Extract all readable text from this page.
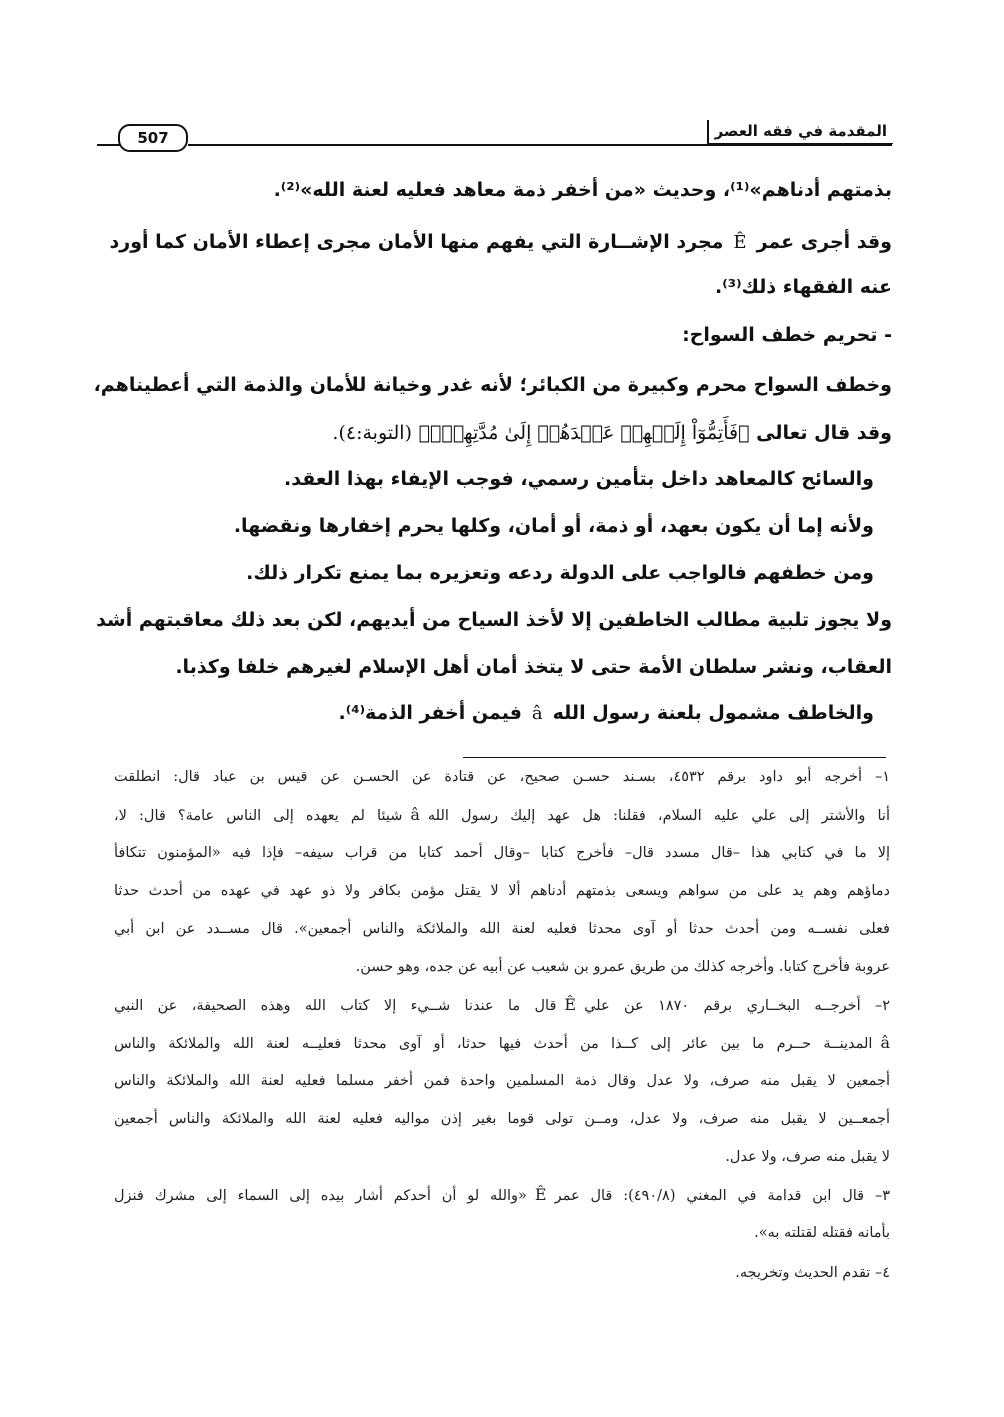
المقدمة في فقه العصر
507
بذمتهم أدناهم»⁽¹⁾، وحديث «من أخفر ذمة معاهد فعليه لعنة الله»⁽²⁾.
وقد أجرى عمرÊمجرد الإشــارة التي يفهم منها الأمان مجرى إعطاء الأمان كما أورد
عنه الفقهاء ذلك⁽³⁾.
- تحريم خطف السواح:
وخطف السواح محرم وكبيرة من الكبائر؛ لأنه غدر وخيانة للأمان والذمة التي أعطيناهم،
وقد قال تعالى ﴿فَأَتِمُّوٓاْ إِلَيۡهِمۡ عَهۡدَهُمۡ إِلَىٰ مُدَّتِهِمۡۚ﴾ (التوبة:٤).
والسائح كالمعاهد داخل بتأمين رسمي، فوجب الإيفاء بهذا العقد.
ولأنه إما أن يكون بعهد، أو ذمة، أو أمان، وكلها يحرم إخفارها ونقضها.
ومن خطفهم فالواجب على الدولة ردعه وتعزيره بما يمنع تكرار ذلك.
ولا يجوز تلبية مطالب الخاطفين إلا لأخذ السياح من أيديهم، لكن بعد ذلك معاقبتهم أشد
العقاب، ونشر سلطان الأمة حتى لا يتخذ أمان أهل الإسلام لغيرهم خلفا وكذبا.
والخاطف مشمول بلعنة رسول اللهâفيمن أخفر الذمة⁽⁴⁾.
١– أخرجه أبو داود برقم ٤٥٣٢، بسـند حسـن صحيح، عن قتادة عن الحسـن عن قيس بن عباد قال: انطلقت
أنا والأشتر إلى علي عليه السلام، فقلنا: هل عهد إليك رسول اللهâشيئا لم يعهده إلى الناس عامة؟ قال: لا،
إلا ما في كتابي هذا –قال مسدد قال– فأخرج كتابا –وقال أحمد كتابا من قراب سيفه– فإذا فيه «المؤمنون تتكافأ
دماؤهم وهم يد على من سواهم ويسعى بذمتهم أدناهم ألا لا يقتل مؤمن بكافر ولا ذو عهد في عهده من أحدث حدثا
فعلى نفســه ومن أحدث حدثا أو آوى محدثا فعليه لعنة الله والملائكة والناس أجمعين». قال مســدد عن ابن أبي
عروبة فأخرج كتابا. وأخرجه كذلك من طريق عمرو بن شعيب عن أبيه عن جده، وهو حسن.
٢– أخرجــه البخــاري برقم ١٨٧٠ عن عليÊقال ما عندنا شــيء إلا كتاب الله وهذه الصحيفة، عن النبي
âالمدينــة حــرم ما بين عائر إلى كــذا من أحدث فيها حدثا، أو آوى محدثا فعليــه لعنة الله والملائكة والناس
أجمعين لا يقبل منه صرف، ولا عدل وقال ذمة المسلمين واحدة فمن أخفر مسلما فعليه لعنة الله والملائكة والناس
أجمعــين لا يقبل منه صرف، ولا عدل، ومــن تولى قوما بغير إذن مواليه فعليه لعنة الله والملائكة والناس أجمعين
لا يقبل منه صرف، ولا عدل.
٣– قال ابن قدامة في المغني (٤٩٠/٨): قال عمرÊ«والله لو أن أحدكم أشار بيده إلى السماء إلى مشرك فنزل
بأمانه فقتله لقتلته به».
٤– تقدم الحديث وتخريجه.
